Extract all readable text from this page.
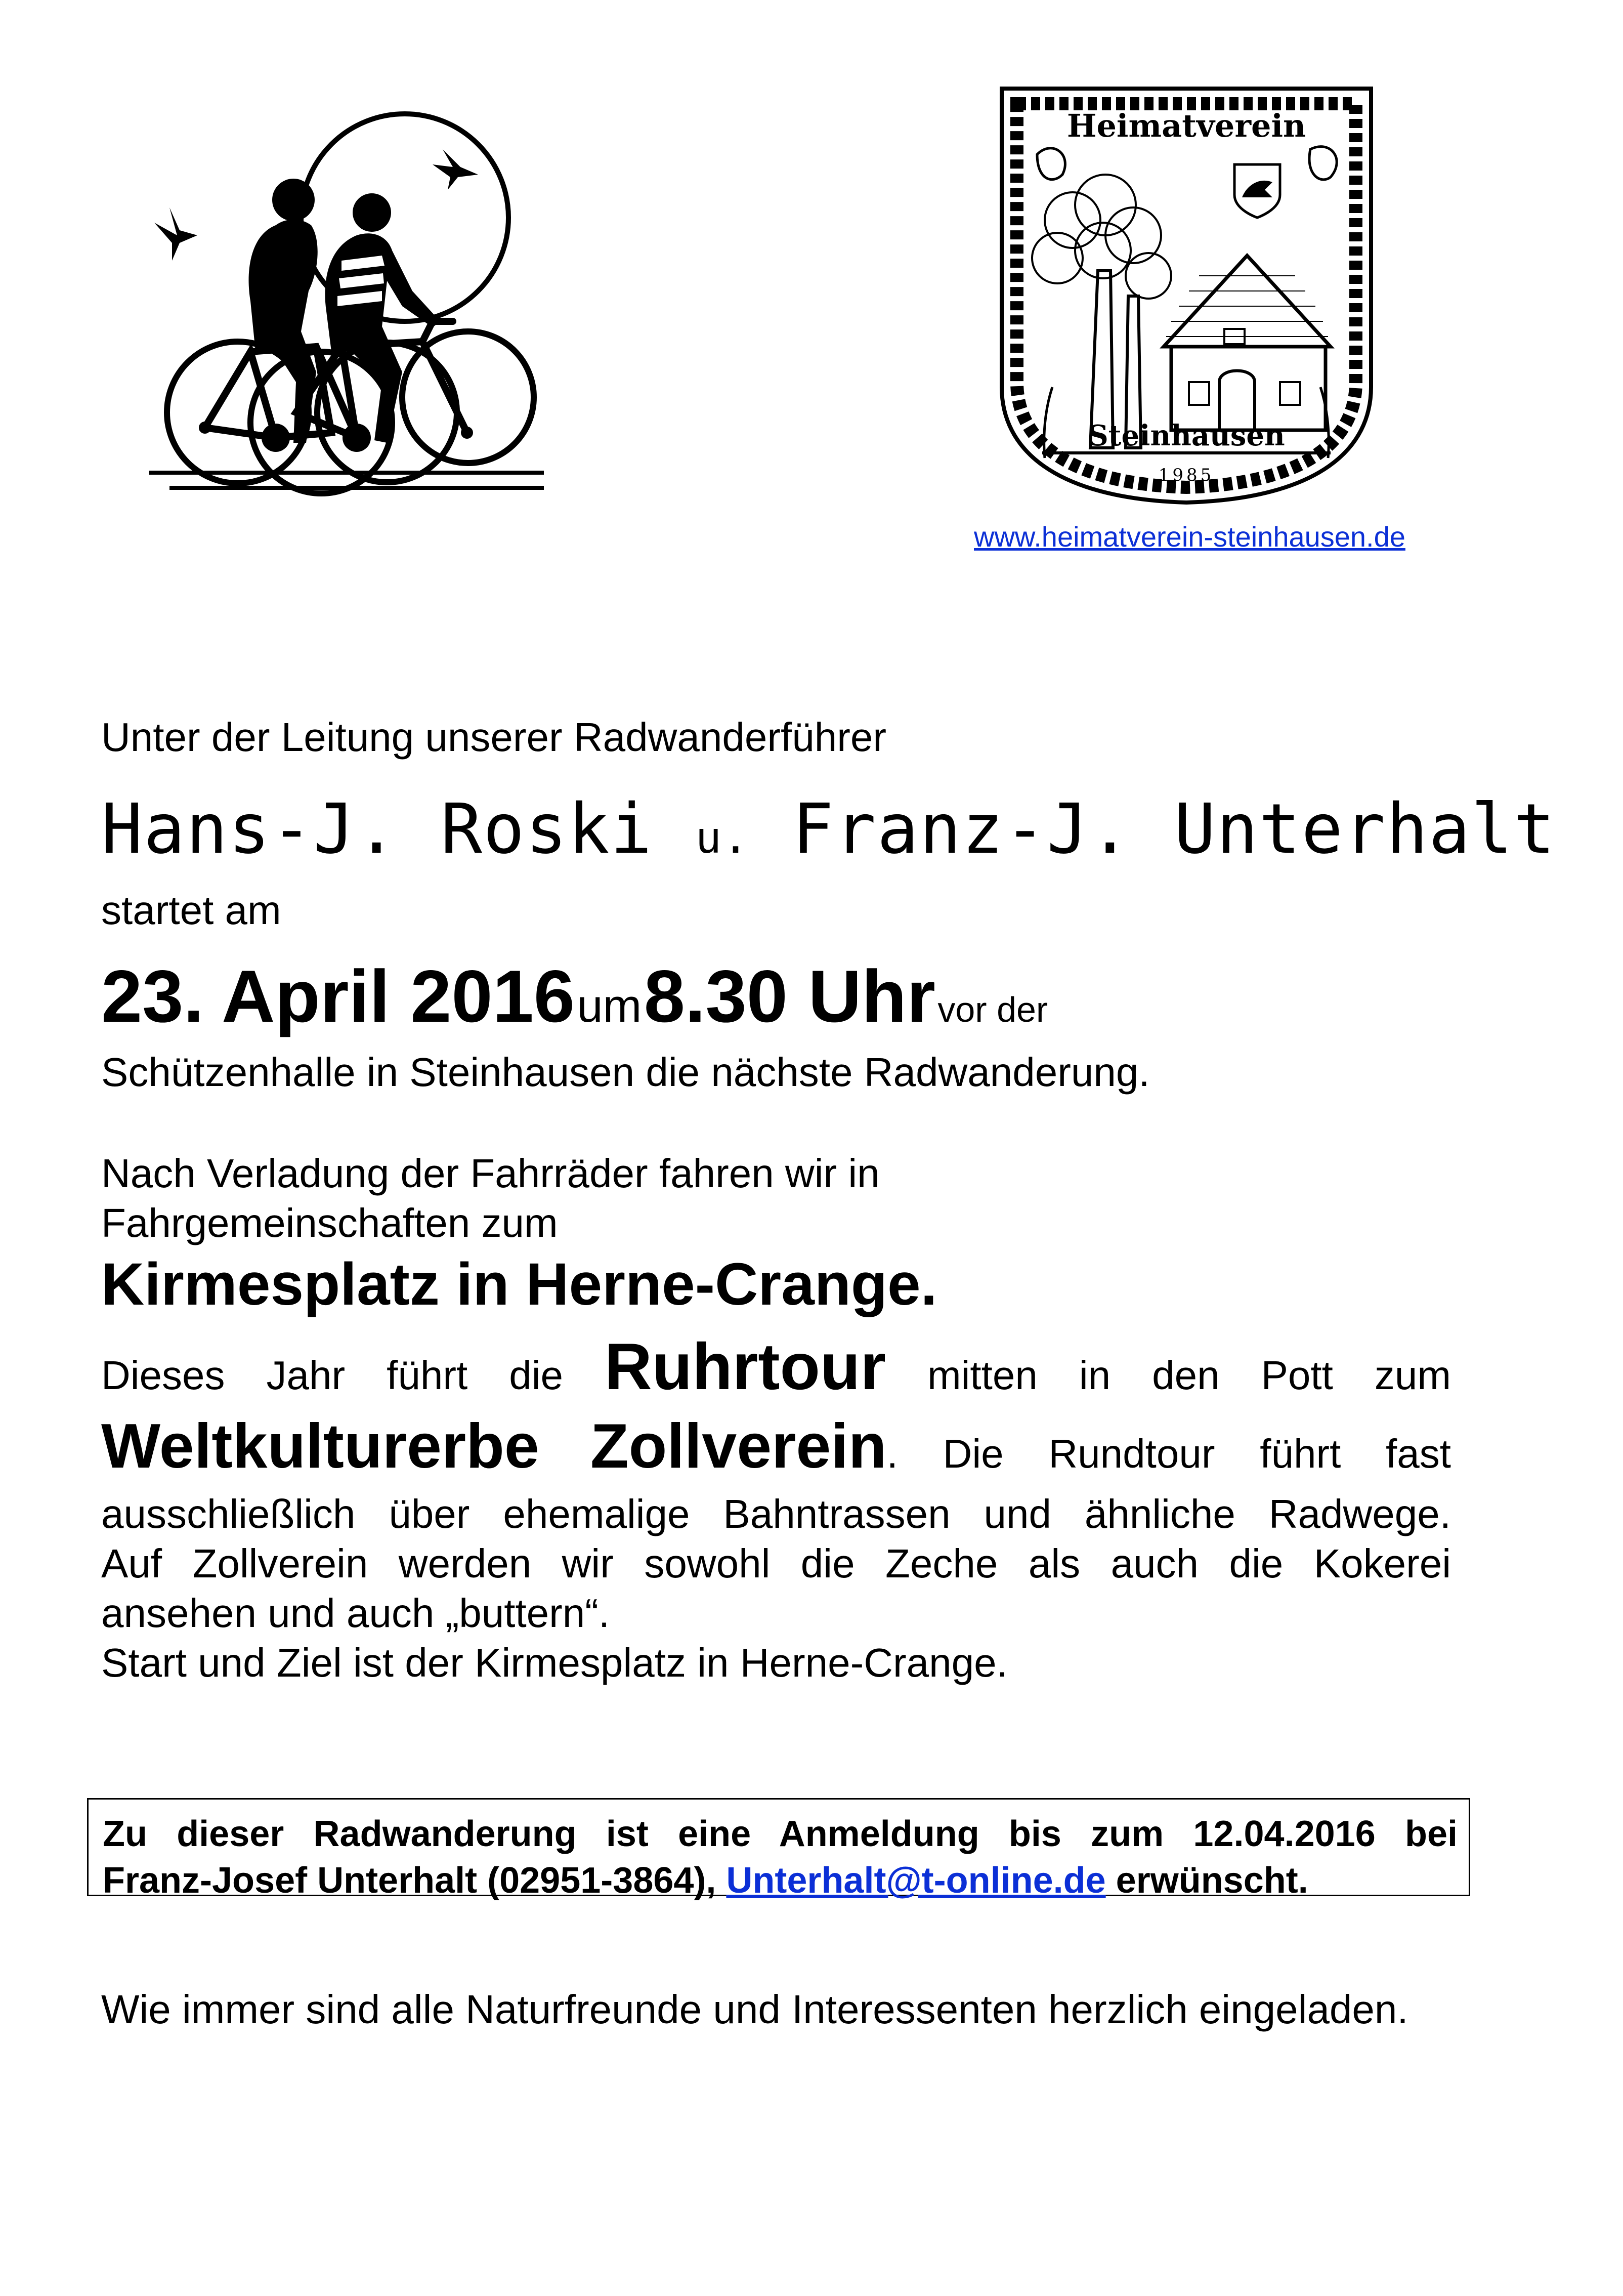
Heimatverein
Steinhausen
1985
www.heimatverein-steinhausen.de
Unter der Leitung unserer Radwanderführer
Hans-J. Roski u. Franz-J. Unterhalt
startet am
23. April 2016 um 8.30 Uhr vor der
Schützenhalle in Steinhausen die nächste Radwanderung.
Nach Verladung der Fahrräder fahren wir in
Fahrgemeinschaften zum
Kirmesplatz in Herne-Crange.
Dieses Jahr führt die Ruhrtour mitten in den Pott zum
Weltkulturerbe Zollverein. Die Rundtour führt fast
ausschließlich über ehemalige Bahntrassen und ähnliche Radwege.
Auf Zollverein werden wir sowohl die Zeche als auch die Kokerei
ansehen und auch „buttern“.
Start und Ziel ist der Kirmesplatz in Herne-Crange.
Zu dieser Radwanderung ist eine Anmeldung bis zum 12.04.2016 bei
Franz-Josef Unterhalt (02951-3864), Unterhalt@t-online.de erwünscht.
Wie immer sind alle Naturfreunde und Interessenten herzlich eingeladen.
